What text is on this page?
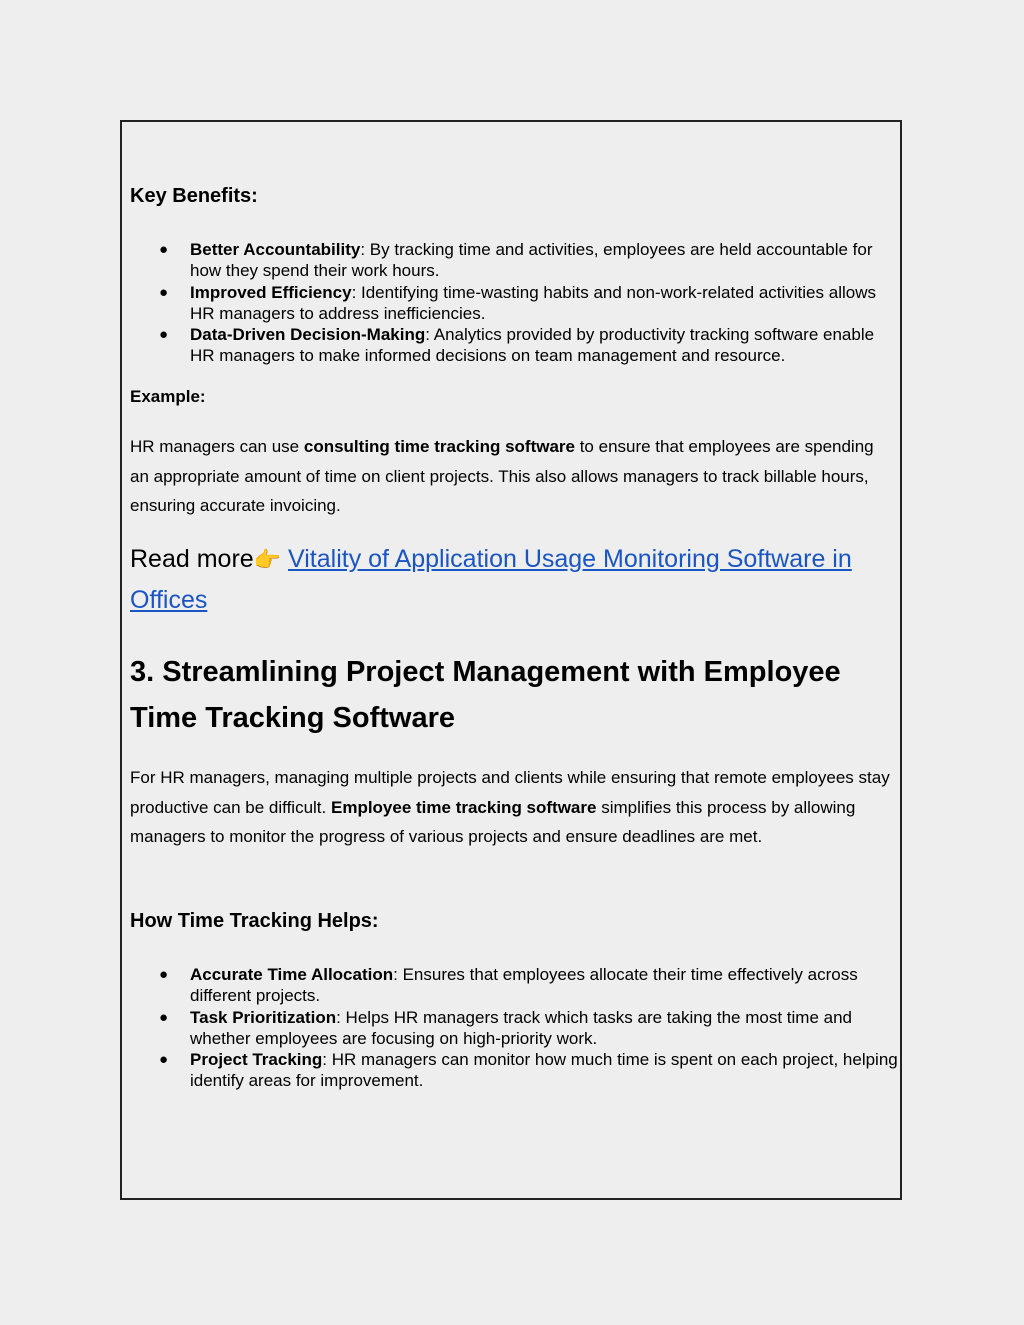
Key Benefits:
● Better Accountability: By tracking time and activities, employees are held accountable for how they spend their work hours.
● Improved Efficiency: Identifying time-wasting habits and non-work-related activities allows HR managers to address inefficiencies.
● Data-Driven Decision-Making: Analytics provided by productivity tracking software enable HR managers to make informed decisions on team management and resource.
Example:
HR managers can use consulting time tracking software to ensure that employees are spending an appropriate amount of time on client projects. This also allows managers to track billable hours, ensuring accurate invoicing.
Read more👉 Vitality of Application Usage Monitoring Software in Offices
3. Streamlining Project Management with Employee Time Tracking Software
For HR managers, managing multiple projects and clients while ensuring that remote employees stay productive can be difficult. Employee time tracking software simplifies this process by allowing managers to monitor the progress of various projects and ensure deadlines are met.
How Time Tracking Helps:
● Accurate Time Allocation: Ensures that employees allocate their time effectively across different projects.
● Task Prioritization: Helps HR managers track which tasks are taking the most time and whether employees are focusing on high-priority work.
● Project Tracking: HR managers can monitor how much time is spent on each project, helping identify areas for improvement.
